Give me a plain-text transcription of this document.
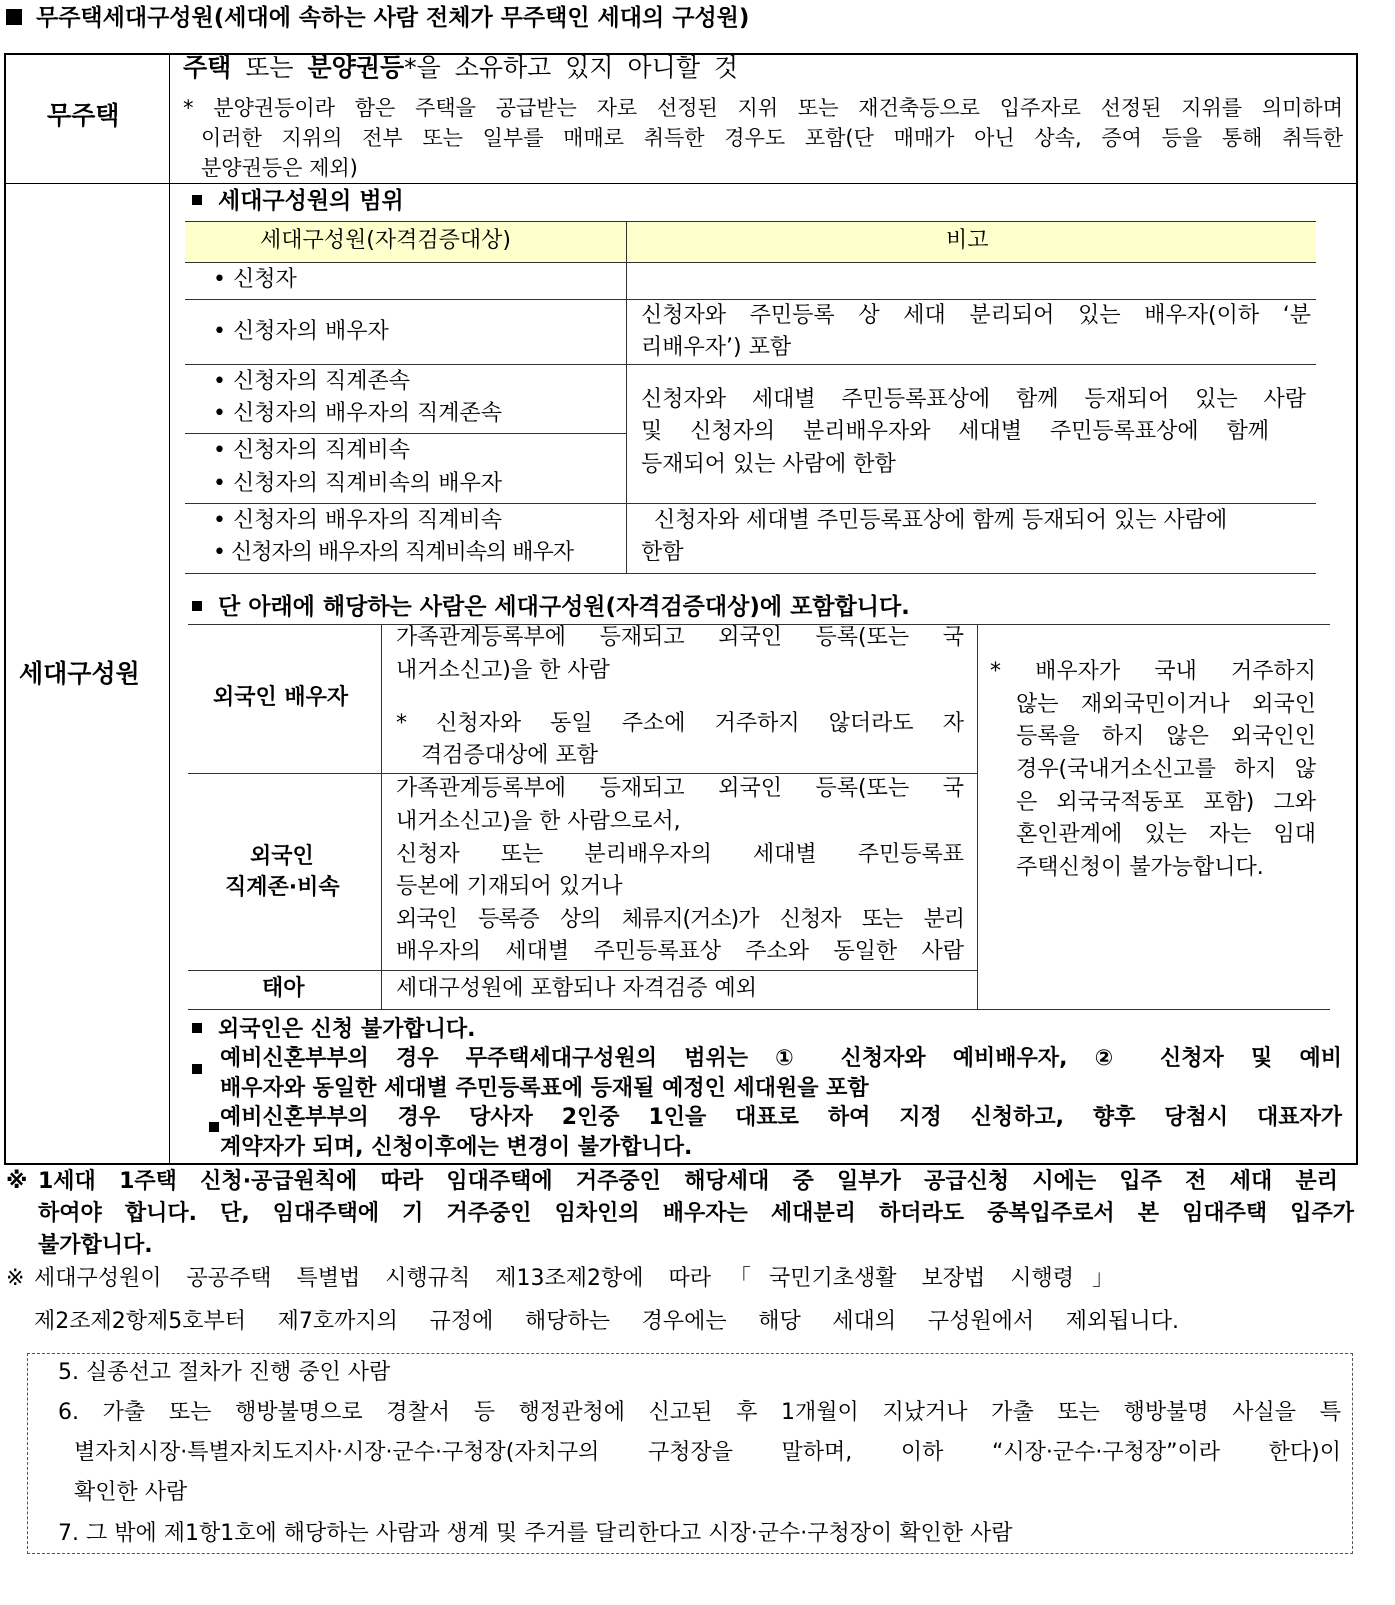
무주택세대구성원(세대에 속하는 사람 전체가 무주택인 세대의 구성원)
무주택
주택 또는 분양권등*을 소유하고 있지 아니할 것
* 분양권등이라 함은 주택을 공급받는 자로 선정된 지위 또는 재건축등으로 입주자로 선정된 지위를 의미하며
이러한 지위의 전부 또는 일부를 매매로 취득한 경우도 포함(단 매매가 아닌 상속, 증여 등을 통해 취득한
분양권등은 제외)
세대구성원
세대구성원의 범위
세대구성원(자격검증대상)	비고
• 신청자
• 신청자의 배우자
신청자와 주민등록 상 세대 분리되어 있는 배우자(이하 ‘분
리배우자’) 포함
• 신청자의 직계존속
• 신청자의 배우자의 직계존속
• 신청자의 직계비속
• 신청자의 직계비속의 배우자
신청자와 세대별 주민등록표상에 함께 등재되어 있는 사람
및 신청자의 분리배우자와 세대별 주민등록표상에 함께
등재되어 있는 사람에 한함
• 신청자의 배우자의 직계비속
• 신청자의 배우자의 직계비속의 배우자
신청자와 세대별 주민등록표상에 함께 등재되어 있는 사람에
한함
단 아래에 해당하는 사람은 세대구성원(자격검증대상)에 포함합니다.
외국인 배우자
가족관계등록부에 등재되고 외국인 등록(또는 국
내거소신고)을 한 사람
* 신청자와 동일 주소에 거주하지 않더라도 자
격검증대상에 포함
외국인
직계존·비속
가족관계등록부에 등재되고 외국인 등록(또는 국
내거소신고)을 한 사람으로서,
신청자 또는 분리배우자의 세대별 주민등록표
등본에 기재되어 있거나
외국인 등록증 상의 체류지(거소)가 신청자 또는 분리
배우자의 세대별 주민등록표상 주소와 동일한 사람
태아	세대구성원에 포함되나 자격검증 예외
* 배우자가 국내 거주하지
않는 재외국민이거나 외국인
등록을 하지 않은 외국인인
경우(국내거소신고를 하지 않
은 외국국적동포 포함) 그와
혼인관계에 있는 자는 임대
주택신청이 불가능합니다.
외국인은 신청 불가합니다.

예비신혼부부의 경우 무주택세대구성원의 범위는 ① 신청자와 예비배우자, ② 신청자 및 예비
배우자와 동일한 세대별 주민등록표에 등재될 예정인 세대원을 포함
예비신혼부부의 경우 당사자 2인중 1인을 대표로 하여 지정 신청하고, 향후 당첨시 대표자가
계약자가 되며, 신청이후에는 변경이 불가합니다.
※ 1세대 1주택 신청·공급원칙에 따라 임대주택에 거주중인 해당세대 중 일부가 공급신청 시에는 입주 전 세대 분리
하여야 합니다. 단, 임대주택에 기 거주중인 임차인의 배우자는 세대분리 하더라도 중복입주로서 본 임대주택 입주가
불가합니다.
※ 세대구성원이 공공주택 특별법 시행규칙 제13조제2항에 따라「국민기초생활 보장법 시행령」
제2조제2항제5호부터 제7호까지의 규정에 해당하는 경우에는 해당 세대의 구성원에서 제외됩니다.
5. 실종선고 절차가 진행 중인 사람
6. 가출 또는 행방불명으로 경찰서 등 행정관청에 신고된 후 1개월이 지났거나 가출 또는 행방불명 사실을 특
별자치시장·특별자치도지사·시장·군수·구청장(자치구의 구청장을 말하며, 이하 “시장·군수·구청장”이라 한다)이
확인한 사람
7. 그 밖에 제1항1호에 해당하는 사람과 생계 및 주거를 달리한다고 시장·군수·구청장이 확인한 사람
